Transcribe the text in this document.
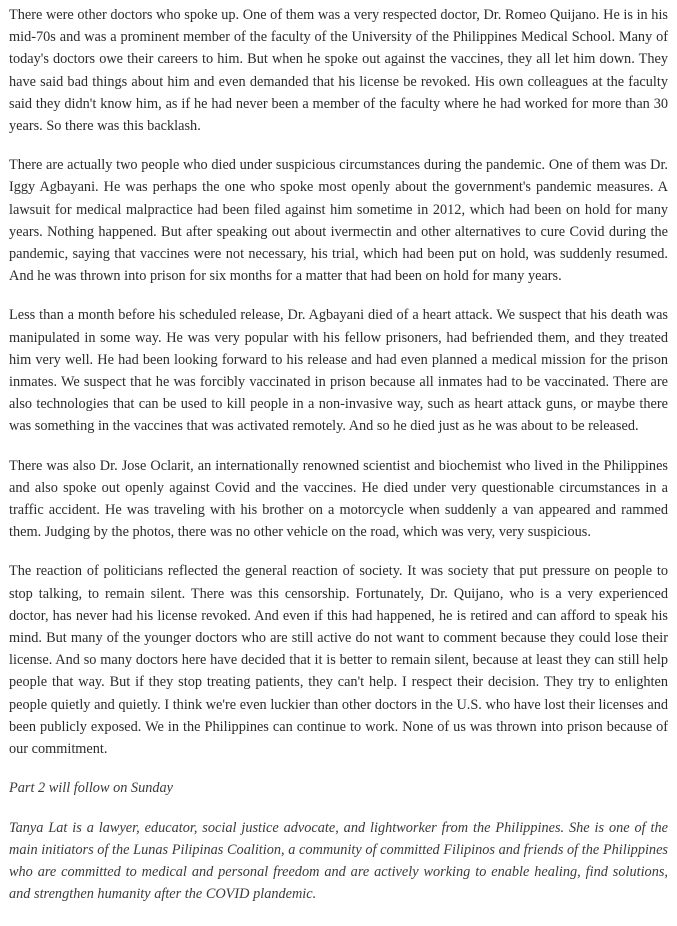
There were other doctors who spoke up. One of them was a very respected doctor, Dr. Romeo Quijano. He is in his mid-70s and was a prominent member of the faculty of the University of the Philippines Medical School. Many of today's doctors owe their careers to him. But when he spoke out against the vaccines, they all let him down. They have said bad things about him and even demanded that his license be revoked. His own colleagues at the faculty said they didn't know him, as if he had never been a member of the faculty where he had worked for more than 30 years. So there was this backlash.

There are actually two people who died under suspicious circumstances during the pandemic. One of them was Dr. Iggy Agbayani. He was perhaps the one who spoke most openly about the government's pandemic measures. A lawsuit for medical malpractice had been filed against him sometime in 2012, which had been on hold for many years. Nothing happened. But after speaking out about ivermectin and other alternatives to cure Covid during the pandemic, saying that vaccines were not necessary, his trial, which had been put on hold, was suddenly resumed. And he was thrown into prison for six months for a matter that had been on hold for many years.

Less than a month before his scheduled release, Dr. Agbayani died of a heart attack. We suspect that his death was manipulated in some way. He was very popular with his fellow prisoners, had befriended them, and they treated him very well. He had been looking forward to his release and had even planned a medical mission for the prison inmates. We suspect that he was forcibly vaccinated in prison because all inmates had to be vaccinated. There are also technologies that can be used to kill people in a non-invasive way, such as heart attack guns, or maybe there was something in the vaccines that was activated remotely. And so he died just as he was about to be released.

There was also Dr. Jose Oclarit, an internationally renowned scientist and biochemist who lived in the Philippines and also spoke out openly against Covid and the vaccines. He died under very questionable circumstances in a traffic accident. He was traveling with his brother on a motorcycle when suddenly a van appeared and rammed them. Judging by the photos, there was no other vehicle on the road, which was very, very suspicious.

The reaction of politicians reflected the general reaction of society. It was society that put pressure on people to stop talking, to remain silent. There was this censorship. Fortunately, Dr. Quijano, who is a very experienced doctor, has never had his license revoked. And even if this had happened, he is retired and can afford to speak his mind. But many of the younger doctors who are still active do not want to comment because they could lose their license. And so many doctors here have decided that it is better to remain silent, because at least they can still help people that way. But if they stop treating patients, they can't help. I respect their decision. They try to enlighten people quietly and quietly. I think we're even luckier than other doctors in the U.S. who have lost their licenses and been publicly exposed. We in the Philippines can continue to work. None of us was thrown into prison because of our commitment.

Part 2 will follow on Sunday

Tanya Lat is a lawyer, educator, social justice advocate, and lightworker from the Philippines. She is one of the main initiators of the Lunas Pilipinas Coalition, a community of committed Filipinos and friends of the Philippines who are committed to medical and personal freedom and are actively working to enable healing, find solutions, and strengthen humanity after the COVID plandemic.
